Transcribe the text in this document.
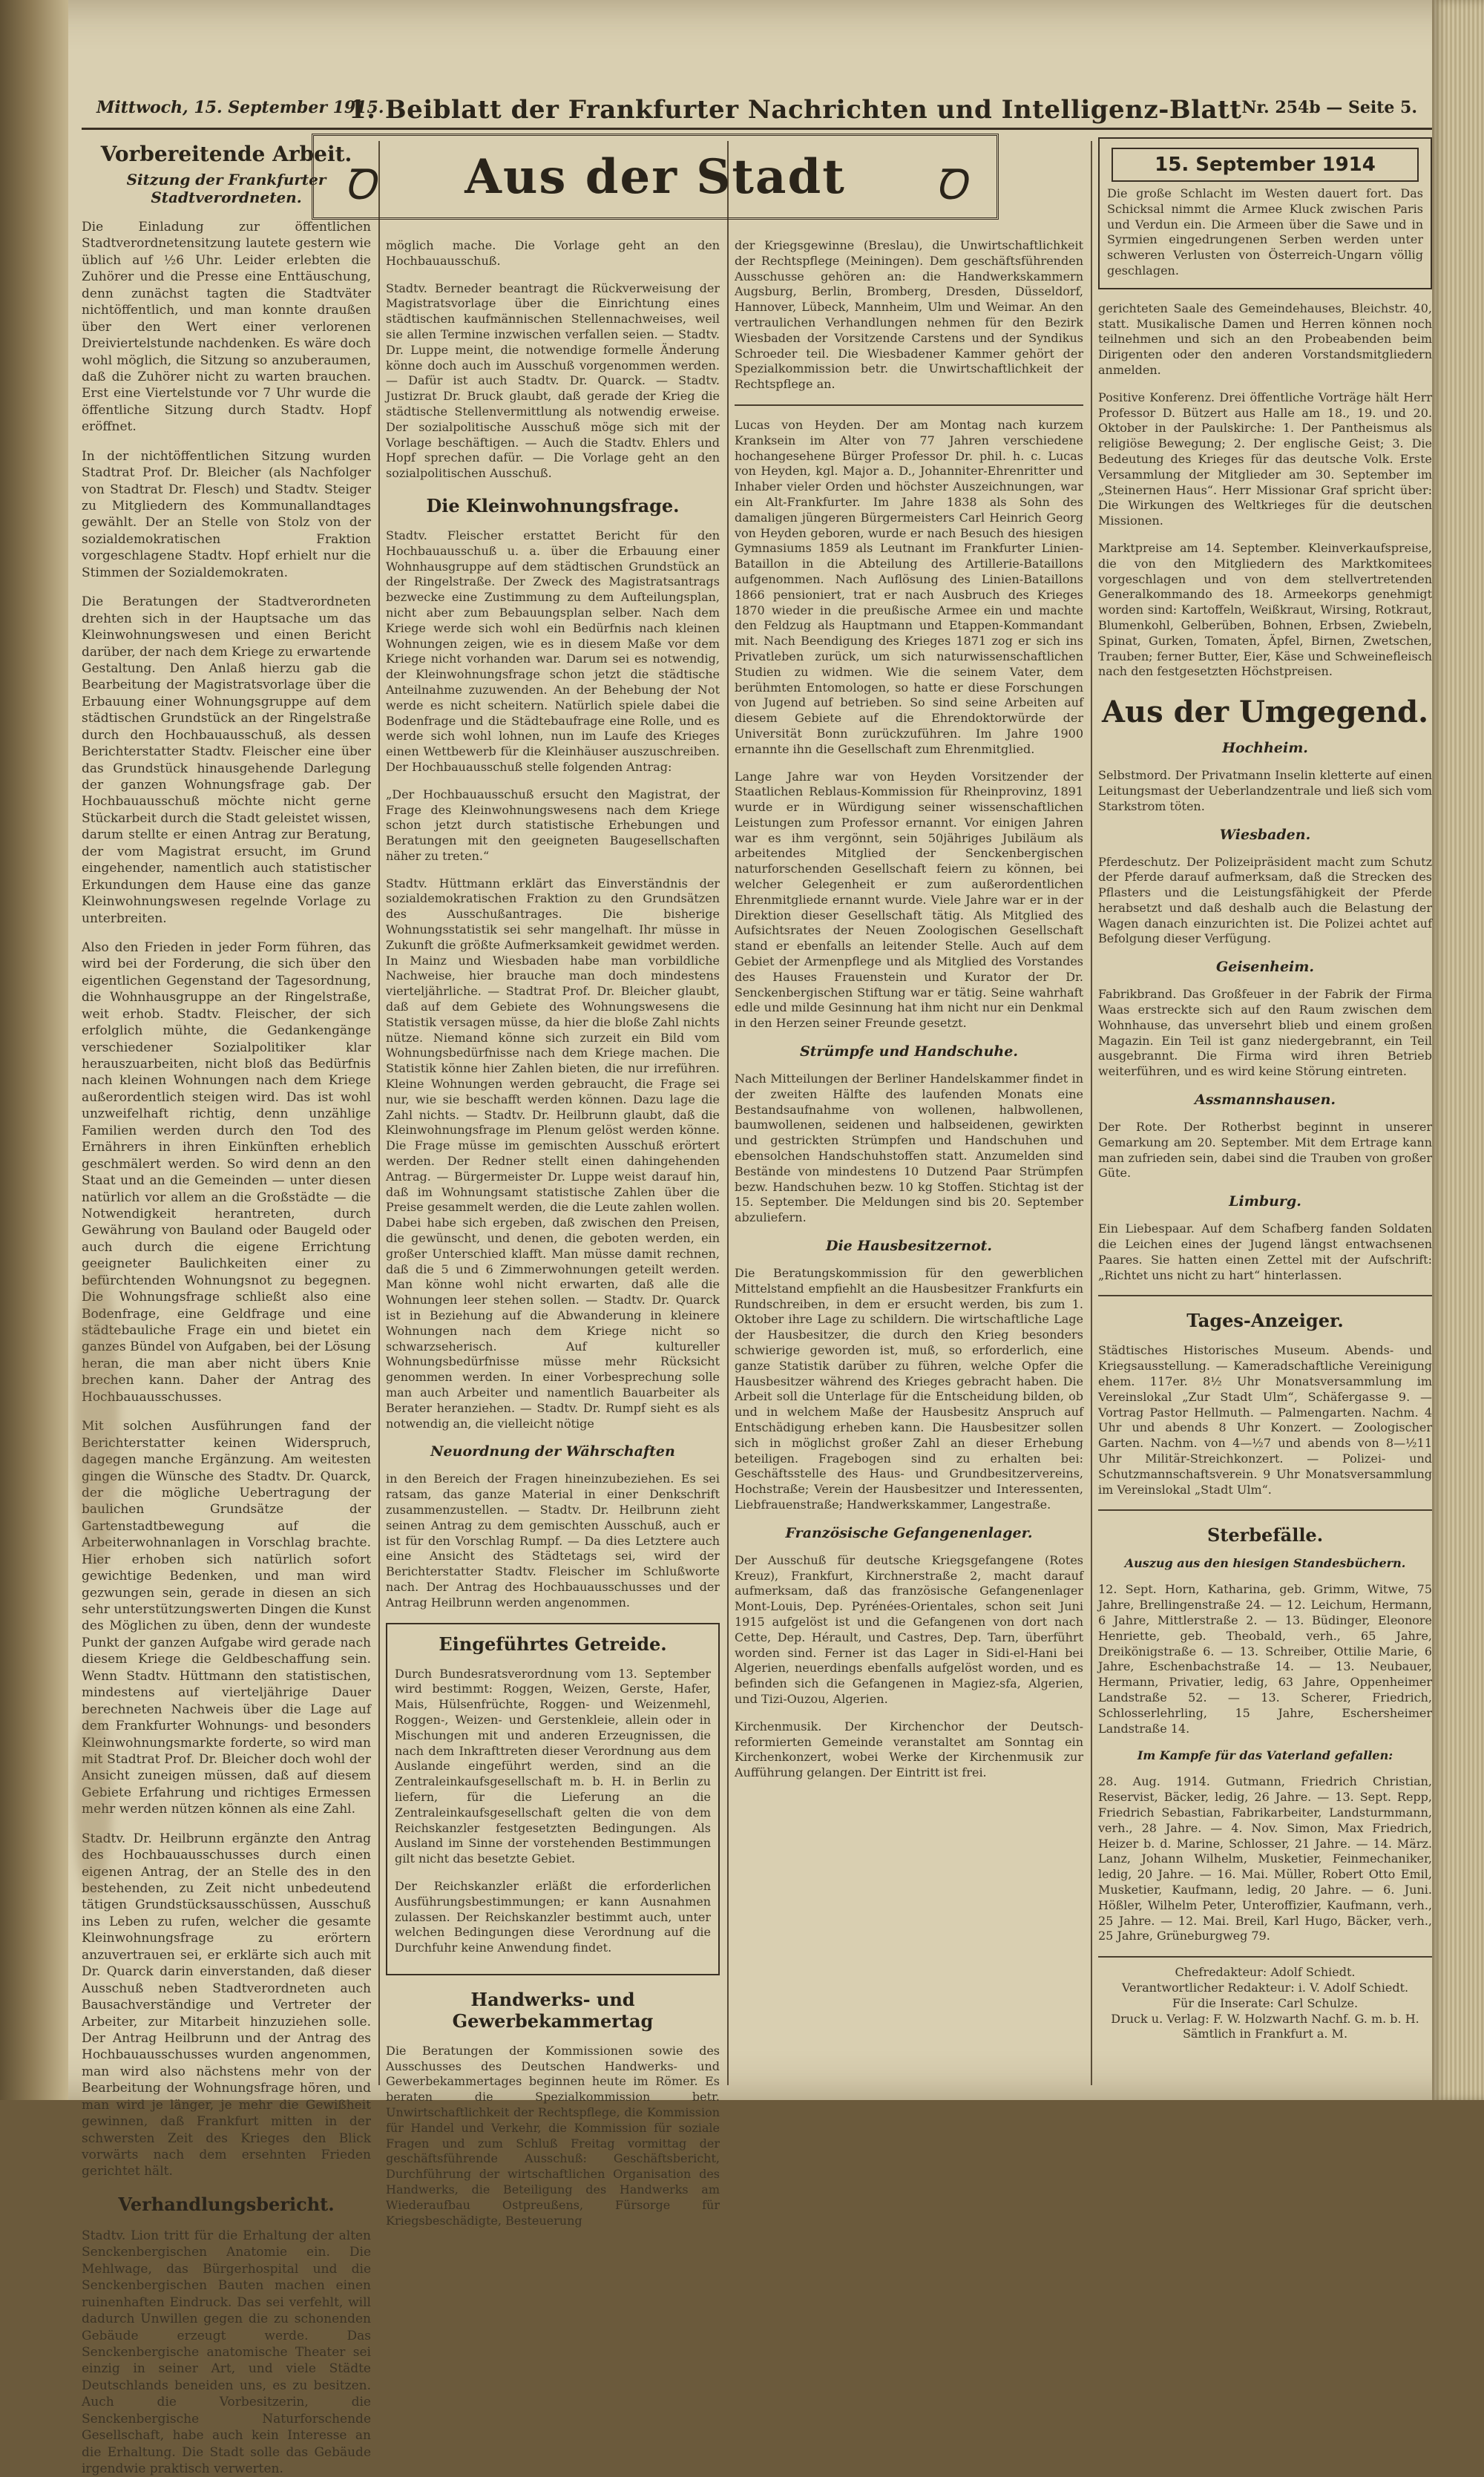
Mittwoch, 15. September 1915.
1. Beiblatt der Frankfurter Nachrichten und Intelligenz-Blatt Nr. 254b — Seite 5.
Vorbereitende Arbeit.
Sitzung der Frankfurter Stadtverordneten.

Die Einladung zur öffentlichen Stadtverordnetensitzung lautete gestern wie üblich auf ½6 Uhr. Leider erlebten die Zuhörer und die Presse eine Enttäuschung, denn zunächst tagten die Stadtväter nichtöffentlich, und man konnte draußen über den Wert einer verlorenen Dreiviertelstunde nachdenken. Es wäre doch wohl möglich, die Sitzung so anzuberaumen, daß die Zuhörer nicht zu warten brauchen. Erst eine Viertelstunde vor 7 Uhr wurde die öffentliche Sitzung durch Stadtv. Hopf eröffnet.

In der nichtöffentlichen Sitzung wurden Stadtrat Prof. Dr. Bleicher (als Nachfolger von Stadtrat Dr. Flesch) und Stadtv. Steiger zu Mitgliedern des Kommunallandtages gewählt. Der an Stelle von Stolz von der sozialdemokratischen Fraktion vorgeschlagene Stadtv. Hopf erhielt nur die Stimmen der Sozialdemokraten.

Die Beratungen der Stadtverordneten drehten sich in der Hauptsache um das Kleinwohnungswesen und einen Bericht darüber, der nach dem Kriege zu erwartende Gestaltung. Den Anlaß hierzu gab die Bearbeitung der Magistratsvorlage über die Erbauung einer Wohnungsgruppe auf dem städtischen Grundstück an der Ringelstraße durch den Hochbauausschuß, als dessen Berichterstatter Stadtv. Fleischer eine über das Grundstück hinausgehende Darlegung der ganzen Wohnungsfrage gab. Der Hochbauausschuß möchte nicht gerne Stückarbeit durch die Stadt geleistet wissen, darum stellte er einen Antrag zur Beratung, der vom Magistrat ersucht, im Grund eingehender, namentlich auch statistischer Erkundungen dem Hause eine das ganze Kleinwohnungswesen regelnde Vorlage zu unterbreiten.

Also den Frieden in jeder Form führen, das wird bei der Forderung, die sich über den eigentlichen Gegenstand der Tagesordnung, die Wohnhausgruppe an der Ringelstraße, weit erhob. Stadtv. Fleischer, der sich erfolglich mühte, die Gedankengänge verschiedener Sozialpolitiker klar herauszuarbeiten, nicht bloß das Bedürfnis nach kleinen Wohnungen nach dem Kriege außerordentlich steigen wird. Das ist wohl unzweifelhaft richtig, denn unzählige Familien werden durch den Tod des Ernährers in ihren Einkünften erheblich geschmälert werden. So wird denn an den Staat und an die Gemeinden — unter diesen natürlich vor allem an die Großstädte — die Notwendigkeit herantreten, durch Gewährung von Bauland oder Baugeld oder auch durch die eigene Errichtung geeigneter Baulichkeiten einer zu befürchtenden Wohnungsnot zu begegnen. Die Wohnungsfrage schließt also eine Bodenfrage, eine Geldfrage und eine städtebauliche Frage ein und bietet ein ganzes Bündel von Aufgaben, bei der Lösung heran, die man aber nicht übers Knie brechen kann. Daher der Antrag des Hochbauausschusses.

Mit solchen Ausführungen fand der Berichterstatter keinen Widerspruch, dagegen manche Ergänzung. Am weitesten gingen die Wünsche des Stadtv. Dr. Quarck, der die mögliche Uebertragung der baulichen Grundsätze der Gartenstadtbewegung auf die Arbeiterwohnanlagen in Vorschlag brachte. Hier erhoben sich natürlich sofort gewichtige Bedenken, und man wird gezwungen sein, gerade in diesen an sich sehr unterstützungswerten Dingen die Kunst des Möglichen zu üben, denn der wundeste Punkt der ganzen Aufgabe wird gerade nach diesem Kriege die Geldbeschaffung sein. Wenn Stadtv. Hüttmann den statistischen, mindestens auf vierteljährige Dauer berechneten Nachweis über die Lage auf dem Frankfurter Wohnungs- und besonders Kleinwohnungsmarkte forderte, so wird man mit Stadtrat Prof. Dr. Bleicher doch wohl der Ansicht zuneigen müssen, daß auf diesem Gebiete Erfahrung und richtiges Ermessen mehr werden nützen können als eine Zahl.

Stadtv. Dr. Heilbrunn ergänzte den Antrag des Hochbauausschusses durch einen eigenen Antrag, der an Stelle des in den bestehenden, zu Zeit nicht unbedeutend tätigen Grundstücksausschüssen, Ausschuß ins Leben zu rufen, welcher die gesamte Kleinwohnungsfrage zu erörtern anzuvertrauen sei, er erklärte sich auch mit Dr. Quarck darin einverstanden, daß dieser Ausschuß neben Stadtverordneten auch Bausachverständige und Vertreter der Arbeiter, zur Mitarbeit hinzuziehen solle. Der Antrag Heilbrunn und der Antrag des Hochbauausschusses wurden angenommen, man wird also nächstens mehr von der Bearbeitung der Wohnungsfrage hören, und man wird je länger, je mehr die Gewißheit gewinnen, daß Frankfurt mitten in der schwersten Zeit des Krieges den Blick vorwärts nach dem ersehnten Frieden gerichtet hält.

Verhandlungsbericht.

Stadtv. Lion tritt für die Erhaltung der alten Senckenbergischen Anatomie ein. Die Mehlwage, das Bürgerhospital und die Senckenbergischen Bauten machen einen ruinenhaften Eindruck. Das sei verfehlt, will dadurch Unwillen gegen die zu schonenden Gebäude erzeugt werde. Das Senckenbergische anatomische Theater sei einzig in seiner Art, und viele Städte Deutschlands beneiden uns, es zu besitzen. Auch die Vorbesitzerin, die Senckenbergische Naturforschende Gesellschaft, habe auch kein Interesse an die Erhaltung. Die Stadt solle das Gebäude irgendwie praktisch verwerten.

Ꝺ	Aus der Stadt	Ꝺ

möglich mache. Die Vorlage geht an den Hochbauausschuß.

Stadtv. Berneder beantragt die Rückverweisung der Magistratsvorlage über die Einrichtung eines städtischen kaufmännischen Stellennachweises, weil sie allen Termine inzwischen verfallen seien. — Stadtv. Dr. Luppe meint, die notwendige formelle Änderung könne doch auch im Ausschuß vorgenommen werden. — Dafür ist auch Stadtv. Dr. Quarck. — Stadtv. Justizrat Dr. Bruck glaubt, daß gerade der Krieg die städtische Stellenvermittlung als notwendig erweise. Der sozialpolitische Ausschuß möge sich mit der Vorlage beschäftigen. — Auch die Stadtv. Ehlers und Hopf sprechen dafür. — Die Vorlage geht an den sozialpolitischen Ausschuß.

Die Kleinwohnungsfrage.

Stadtv. Fleischer erstattet Bericht für den Hochbauausschuß u. a. über die Erbauung einer Wohnhausgruppe auf dem städtischen Grundstück an der Ringelstraße. Der Zweck des Magistratsantrags bezwecke eine Zustimmung zu dem Aufteilungsplan, nicht aber zum Bebauungsplan selber. Nach dem Kriege werde sich wohl ein Bedürfnis nach kleinen Wohnungen zeigen, wie es in diesem Maße vor dem Kriege nicht vorhanden war. Darum sei es notwendig, der Kleinwohnungsfrage schon jetzt die städtische Anteilnahme zuzuwenden. An der Behebung der Not werde es nicht scheitern. Natürlich spiele dabei die Bodenfrage und die Städtebaufrage eine Rolle, und es werde sich wohl lohnen, nun im Laufe des Krieges einen Wettbewerb für die Kleinhäuser auszuschreiben. Der Hochbauausschuß stelle folgenden Antrag:

„Der Hochbauausschuß ersucht den Magistrat, der Frage des Kleinwohnungswesens nach dem Kriege schon jetzt durch statistische Erhebungen und Beratungen mit den geeigneten Baugesellschaften näher zu treten.“

Stadtv. Hüttmann erklärt das Einverständnis der sozialdemokratischen Fraktion zu den Grundsätzen des Ausschußantrages. Die bisherige Wohnungsstatistik sei sehr mangelhaft. Ihr müsse in Zukunft die größte Aufmerksamkeit gewidmet werden. In Mainz und Wiesbaden habe man vorbildliche Nachweise, hier brauche man doch mindestens vierteljährliche. — Stadtrat Prof. Dr. Bleicher glaubt, daß auf dem Gebiete des Wohnungswesens die Statistik versagen müsse, da hier die bloße Zahl nichts nütze. Niemand könne sich zurzeit ein Bild vom Wohnungsbedürfnisse nach dem Kriege machen. Die Statistik könne hier Zahlen bieten, die nur irreführen. Kleine Wohnungen werden gebraucht, die Frage sei nur, wie sie beschafft werden können. Dazu lage die Zahl nichts. — Stadtv. Dr. Heilbrunn glaubt, daß die Kleinwohnungsfrage im Plenum gelöst werden könne. Die Frage müsse im gemischten Ausschuß erörtert werden. Der Redner stellt einen dahingehenden Antrag. — Bürgermeister Dr. Luppe weist darauf hin, daß im Wohnungsamt statistische Zahlen über die Preise gesammelt werden, die die Leute zahlen wollen. Dabei habe sich ergeben, daß zwischen den Preisen, die gewünscht, und denen, die geboten werden, ein großer Unterschied klafft. Man müsse damit rechnen, daß die 5 und 6 Zimmerwohnungen geteilt werden. Man könne wohl nicht erwarten, daß alle die Wohnungen leer stehen sollen. — Stadtv. Dr. Quarck ist in Beziehung auf die Abwanderung in kleinere Wohnungen nach dem Kriege nicht so schwarzseherisch. Auf kultureller Wohnungsbedürfnisse müsse mehr Rücksicht genommen werden. In einer Vorbesprechung solle man auch Arbeiter und namentlich Bauarbeiter als Berater heranziehen. — Stadtv. Dr. Rumpf sieht es als notwendig an, die vielleicht nötige

Neuordnung der Währschaften

in den Bereich der Fragen hineinzubeziehen. Es sei ratsam, das ganze Material in einer Denkschrift zusammenzustellen. — Stadtv. Dr. Heilbrunn zieht seinen Antrag zu dem gemischten Ausschuß, auch er ist für den Vorschlag Rumpf. — Da dies Letztere auch eine Ansicht des Städtetags sei, wird der Berichterstatter Stadtv. Fleischer im Schlußworte nach. Der Antrag des Hochbauausschusses und der Antrag Heilbrunn werden angenommen.

Eingeführtes Getreide.

Durch Bundesratsverordnung vom 13. September wird bestimmt: Roggen, Weizen, Gerste, Hafer, Mais, Hülsenfrüchte, Roggen- und Weizenmehl, Roggen-, Weizen- und Gerstenkleie, allein oder in Mischungen mit und anderen Erzeugnissen, die nach dem Inkrafttreten dieser Verordnung aus dem Auslande eingeführt werden, sind an die Zentraleinkaufsgesellschaft m. b. H. in Berlin zu liefern, für die Lieferung an die Zentraleinkaufsgesellschaft gelten die von dem Reichskanzler festgesetzten Bedingungen. Als Ausland im Sinne der vorstehenden Bestimmungen gilt nicht das besetzte Gebiet.

Der Reichskanzler erläßt die erforderlichen Ausführungsbestimmungen; er kann Ausnahmen zulassen. Der Reichskanzler bestimmt auch, unter welchen Bedingungen diese Verordnung auf die Durchfuhr keine Anwendung findet.

Handwerks- und Gewerbekammertag

Die Beratungen der Kommissionen sowie des Ausschusses des Deutschen Handwerks- und Gewerbekammertages beginnen heute im Römer. Es beraten die Spezialkommission betr. Unwirtschaftlichkeit der Rechtspflege, die Kommission für Handel und Verkehr, die Kommission für soziale Fragen und zum Schluß Freitag vormittag der geschäftsführende Ausschuß: Geschäftsbericht, Durchführung der wirtschaftlichen Organisation des Handwerks, die Beteiligung des Handwerks am Wiederaufbau Ostpreußens, Fürsorge für Kriegsbeschädigte, Besteuerung

der Kriegsgewinne (Breslau), die Unwirtschaftlichkeit der Rechtspflege (Meiningen). Dem geschäftsführenden Ausschusse gehören an: die Handwerkskammern Augsburg, Berlin, Bromberg, Dresden, Düsseldorf, Hannover, Lübeck, Mannheim, Ulm und Weimar. An den vertraulichen Verhandlungen nehmen für den Bezirk Wiesbaden der Vorsitzende Carstens und der Syndikus Schroeder teil. Die Wiesbadener Kammer gehört der Spezialkommission betr. die Unwirtschaftlichkeit der Rechtspflege an.

Lucas von Heyden. Der am Montag nach kurzem Kranksein im Alter von 77 Jahren verschiedene hochangesehene Bürger Professor Dr. phil. h. c. Lucas von Heyden, kgl. Major a. D., Johanniter-Ehrenritter und Inhaber vieler Orden und höchster Auszeichnungen, war ein Alt-Frankfurter. Im Jahre 1838 als Sohn des damaligen jüngeren Bürgermeisters Carl Heinrich Georg von Heyden geboren, wurde er nach Besuch des hiesigen Gymnasiums 1859 als Leutnant im Frankfurter Linien-Bataillon in die Abteilung des Artillerie-Bataillons aufgenommen. Nach Auflösung des Linien-Bataillons 1866 pensioniert, trat er nach Ausbruch des Krieges 1870 wieder in die preußische Armee ein und machte den Feldzug als Hauptmann und Etappen-Kommandant mit. Nach Beendigung des Krieges 1871 zog er sich ins Privatleben zurück, um sich naturwissenschaftlichen Studien zu widmen. Wie die seinem Vater, dem berühmten Entomologen, so hatte er diese Forschungen von Jugend auf betrieben. So sind seine Arbeiten auf diesem Gebiete auf die Ehrendoktorwürde der Universität Bonn zurückzuführen. Im Jahre 1900 ernannte ihn die Gesellschaft zum Ehrenmitglied.

Lange Jahre war von Heyden Vorsitzender der Staatlichen Reblaus-Kommission für Rheinprovinz, 1891 wurde er in Würdigung seiner wissenschaftlichen Leistungen zum Professor ernannt. Vor einigen Jahren war es ihm vergönnt, sein 50jähriges Jubiläum als arbeitendes Mitglied der Senckenbergischen naturforschenden Gesellschaft feiern zu können, bei welcher Gelegenheit er zum außerordentlichen Ehrenmitgliede ernannt wurde. Viele Jahre war er in der Direktion dieser Gesellschaft tätig. Als Mitglied des Aufsichtsrates der Neuen Zoologischen Gesellschaft stand er ebenfalls an leitender Stelle. Auch auf dem Gebiet der Armenpflege und als Mitglied des Vorstandes des Hauses Frauenstein und Kurator der Dr. Senckenbergischen Stiftung war er tätig. Seine wahrhaft edle und milde Gesinnung hat ihm nicht nur ein Denkmal in den Herzen seiner Freunde gesetzt.

Strümpfe und Handschuhe.

Nach Mitteilungen der Berliner Handelskammer findet in der zweiten Hälfte des laufenden Monats eine Bestandsaufnahme von wollenen, halbwollenen, baumwollenen, seidenen und halbseidenen, gewirkten und gestrickten Strümpfen und Handschuhen und ebensolchen Handschuhstoffen statt. Anzumelden sind Bestände von mindestens 10 Dutzend Paar Strümpfen bezw. Handschuhen bezw. 10 kg Stoffen. Stichtag ist der 15. September. Die Meldungen sind bis 20. September abzuliefern.

Die Hausbesitzernot.

Die Beratungskommission für den gewerblichen Mittelstand empfiehlt an die Hausbesitzer Frankfurts ein Rundschreiben, in dem er ersucht werden, bis zum 1. Oktober ihre Lage zu schildern. Die wirtschaftliche Lage der Hausbesitzer, die durch den Krieg besonders schwierige geworden ist, muß, so erforderlich, eine ganze Statistik darüber zu führen, welche Opfer die Hausbesitzer während des Krieges gebracht haben. Die Arbeit soll die Unterlage für die Entscheidung bilden, ob und in welchem Maße der Hausbesitz Anspruch auf Entschädigung erheben kann. Die Hausbesitzer sollen sich in möglichst großer Zahl an dieser Erhebung beteiligen. Fragebogen sind zu erhalten bei: Geschäftsstelle des Haus- und Grundbesitzervereins, Hochstraße; Verein der Hausbesitzer und Interessenten, Liebfrauenstraße; Handwerkskammer, Langestraße.

Französische Gefangenenlager.

Der Ausschuß für deutsche Kriegsgefangene (Rotes Kreuz), Frankfurt, Kirchnerstraße 2, macht darauf aufmerksam, daß das französische Gefangenenlager Mont-Louis, Dep. Pyrénées-Orientales, schon seit Juni 1915 aufgelöst ist und die Gefangenen von dort nach Cette, Dep. Hérault, und Castres, Dep. Tarn, überführt worden sind. Ferner ist das Lager in Sidi-el-Hani bei Algerien, neuerdings ebenfalls aufgelöst worden, und es befinden sich die Gefangenen in Magiez-sfa, Algerien, und Tizi-Ouzou, Algerien.

Kirchenmusik. Der Kirchenchor der Deutsch-reformierten Gemeinde veranstaltet am Sonntag ein Kirchenkonzert, wobei Werke der Kirchenmusik zur Aufführung gelangen. Der Eintritt ist frei.

15. September 1914

Die große Schlacht im Westen dauert fort. Das Schicksal nimmt die Armee Kluck zwischen Paris und Verdun ein. Die Armeen über die Sawe und in Syrmien eingedrungenen Serben werden unter schweren Verlusten von Österreich-Ungarn völlig geschlagen.

gerichteten Saale des Gemeindehauses, Bleichstr. 40, statt. Musikalische Damen und Herren können noch teilnehmen und sich an den Probeabenden beim Dirigenten oder den anderen Vorstandsmitgliedern anmelden.

Positive Konferenz. Drei öffentliche Vorträge hält Herr Professor D. Bützert aus Halle am 18., 19. und 20. Oktober in der Paulskirche: 1. Der Pantheismus als religiöse Bewegung; 2. Der englische Geist; 3. Die Bedeutung des Krieges für das deutsche Volk. Erste Versammlung der Mitglieder am 30. September im „Steinernen Haus“. Herr Missionar Graf spricht über: Die Wirkungen des Weltkrieges für die deutschen Missionen.

Marktpreise am 14. September. Kleinverkaufspreise, die von den Mitgliedern des Marktkomitees vorgeschlagen und von dem stellvertretenden Generalkommando des 18. Armeekorps genehmigt worden sind: Kartoffeln, Weißkraut, Wirsing, Rotkraut, Blumenkohl, Gelberüben, Bohnen, Erbsen, Zwiebeln, Spinat, Gurken, Tomaten, Äpfel, Birnen, Zwetschen, Trauben; ferner Butter, Eier, Käse und Schweinefleisch nach den festgesetzten Höchstpreisen.

Aus der Umgegend.
Hochheim.

Selbstmord. Der Privatmann Inselin kletterte auf einen Leitungsmast der Ueberlandzentrale und ließ sich vom Starkstrom töten.

Wiesbaden.

Pferdeschutz. Der Polizeipräsident macht zum Schutz der Pferde darauf aufmerksam, daß die Strecken des Pflasters und die Leistungsfähigkeit der Pferde herabsetzt und daß deshalb auch die Belastung der Wagen danach einzurichten ist. Die Polizei achtet auf Befolgung dieser Verfügung.

Geisenheim.

Fabrikbrand. Das Großfeuer in der Fabrik der Firma Waas erstreckte sich auf den Raum zwischen dem Wohnhause, das unversehrt blieb und einem großen Magazin. Ein Teil ist ganz niedergebrannt, ein Teil ausgebrannt. Die Firma wird ihren Betrieb weiterführen, und es wird keine Störung eintreten.

Assmannshausen.

Der Rote. Der Rotherbst beginnt in unserer Gemarkung am 20. September. Mit dem Ertrage kann man zufrieden sein, dabei sind die Trauben von großer Güte.

Limburg.

Ein Liebespaar. Auf dem Schafberg fanden Soldaten die Leichen eines der Jugend längst entwachsenen Paares. Sie hatten einen Zettel mit der Aufschrift: „Richtet uns nicht zu hart“ hinterlassen.

Tages-Anzeiger.

Städtisches Historisches Museum. Abends- und Kriegsausstellung. — Kameradschaftliche Vereinigung ehem. 117er. 8½ Uhr Monatsversammlung im Vereinslokal „Zur Stadt Ulm“, Schäfergasse 9. — Vortrag Pastor Hellmuth. — Palmengarten. Nachm. 4 Uhr und abends 8 Uhr Konzert. — Zoologischer Garten. Nachm. von 4—½7 und abends von 8—½11 Uhr Militär-Streichkonzert. — Polizei- und Schutzmannschaftsverein. 9 Uhr Monatsversammlung im Vereinslokal „Stadt Ulm“.

Sterbefälle.
Auszug aus den hiesigen Standesbüchern.

12. Sept. Horn, Katharina, geb. Grimm, Witwe, 75 Jahre, Brellingenstraße 24. — 12. Leichum, Hermann, 6 Jahre, Mittlerstraße 2. — 13. Büdinger, Eleonore Henriette, geb. Theobald, verh., 65 Jahre, Dreikönigstraße 6. — 13. Schreiber, Ottilie Marie, 6 Jahre, Eschenbachstraße 14. — 13. Neubauer, Hermann, Privatier, ledig, 63 Jahre, Oppenheimer Landstraße 52. — 13. Scherer, Friedrich, Schlosserlehrling, 15 Jahre, Eschersheimer Landstraße 14.

Im Kampfe für das Vaterland gefallen:

28. Aug. 1914. Gutmann, Friedrich Christian, Reservist, Bäcker, ledig, 26 Jahre. — 13. Sept. Repp, Friedrich Sebastian, Fabrikarbeiter, Landsturmmann, verh., 28 Jahre. — 4. Nov. Simon, Max Friedrich, Heizer b. d. Marine, Schlosser, 21 Jahre. — 14. März. Lanz, Johann Wilhelm, Musketier, Feinmechaniker, ledig, 20 Jahre. — 16. Mai. Müller, Robert Otto Emil, Musketier, Kaufmann, ledig, 20 Jahre. — 6. Juni. Hößler, Wilhelm Peter, Unteroffizier, Kaufmann, verh., 25 Jahre. — 12. Mai. Breil, Karl Hugo, Bäcker, verh., 25 Jahre, Grüneburgweg 79.

Chefredakteur: Adolf Schiedt.
Verantwortlicher Redakteur: i. V. Adolf Schiedt.
Für die Inserate: Carl Schulze.
Druck u. Verlag: F. W. Holzwarth Nachf. G. m. b. H. Sämtlich in Frankfurt a. M.
